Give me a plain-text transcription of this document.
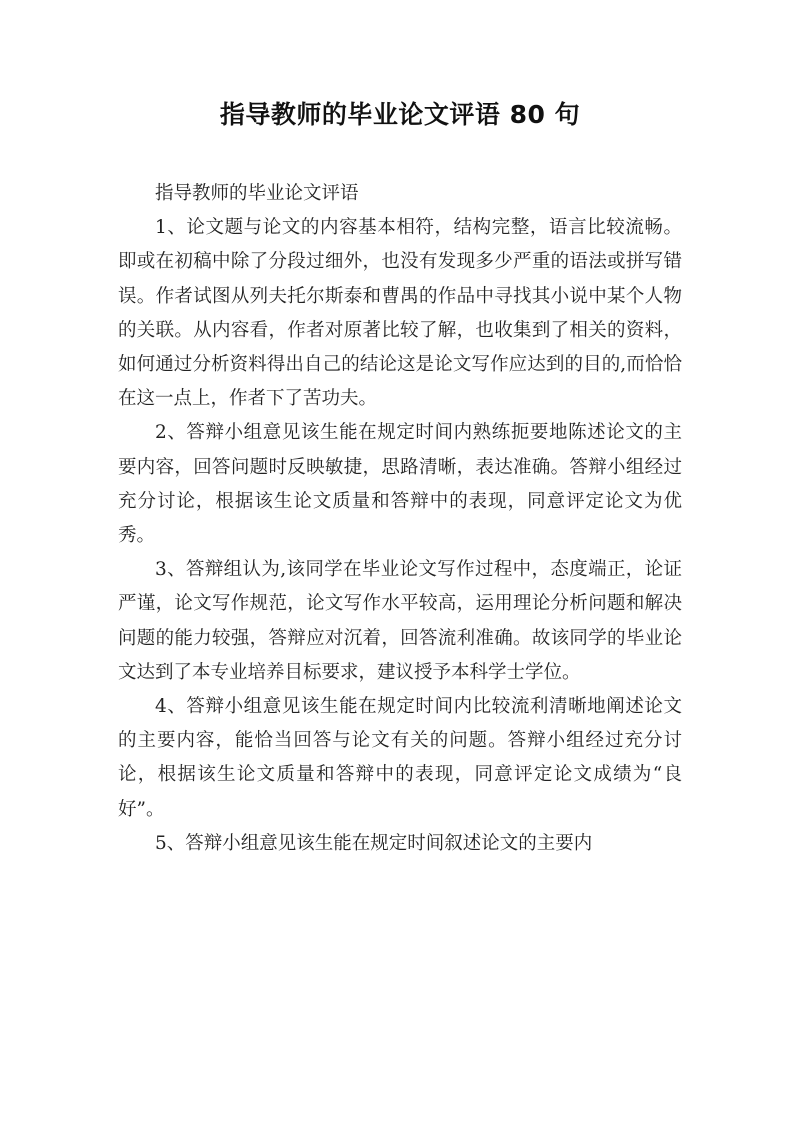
指导教师的毕业论文评语 80 句

指导教师的毕业论文评语

1、论文题与论文的内容基本相符，结构完整，语言比较流畅。即或在初稿中除了分段过细外，也没有发现多少严重的语法或拼写错误。作者试图从列夫托尔斯泰和曹禺的作品中寻找其小说中某个人物的关联。从内容看，作者对原著比较了解，也收集到了相关的资料，如何通过分析资料得出自己的结论这是论文写作应达到的目的,而恰恰在这一点上，作者下了苦功夫。

2、答辩小组意见该生能在规定时间内熟练扼要地陈述论文的主要内容，回答问题时反映敏捷，思路清晰，表达准确。答辩小组经过充分讨论，根据该生论文质量和答辩中的表现，同意评定论文为优秀。

3、答辩组认为,该同学在毕业论文写作过程中，态度端正，论证严谨，论文写作规范，论文写作水平较高，运用理论分析问题和解决问题的能力较强，答辩应对沉着，回答流利准确。故该同学的毕业论文达到了本专业培养目标要求，建议授予本科学士学位。

4、答辩小组意见该生能在规定时间内比较流利清晰地阐述论文的主要内容，能恰当回答与论文有关的问题。答辩小组经过充分讨论，根据该生论文质量和答辩中的表现，同意评定论文成绩为“良好”。

5、答辩小组意见该生能在规定时间叙述论文的主要内
